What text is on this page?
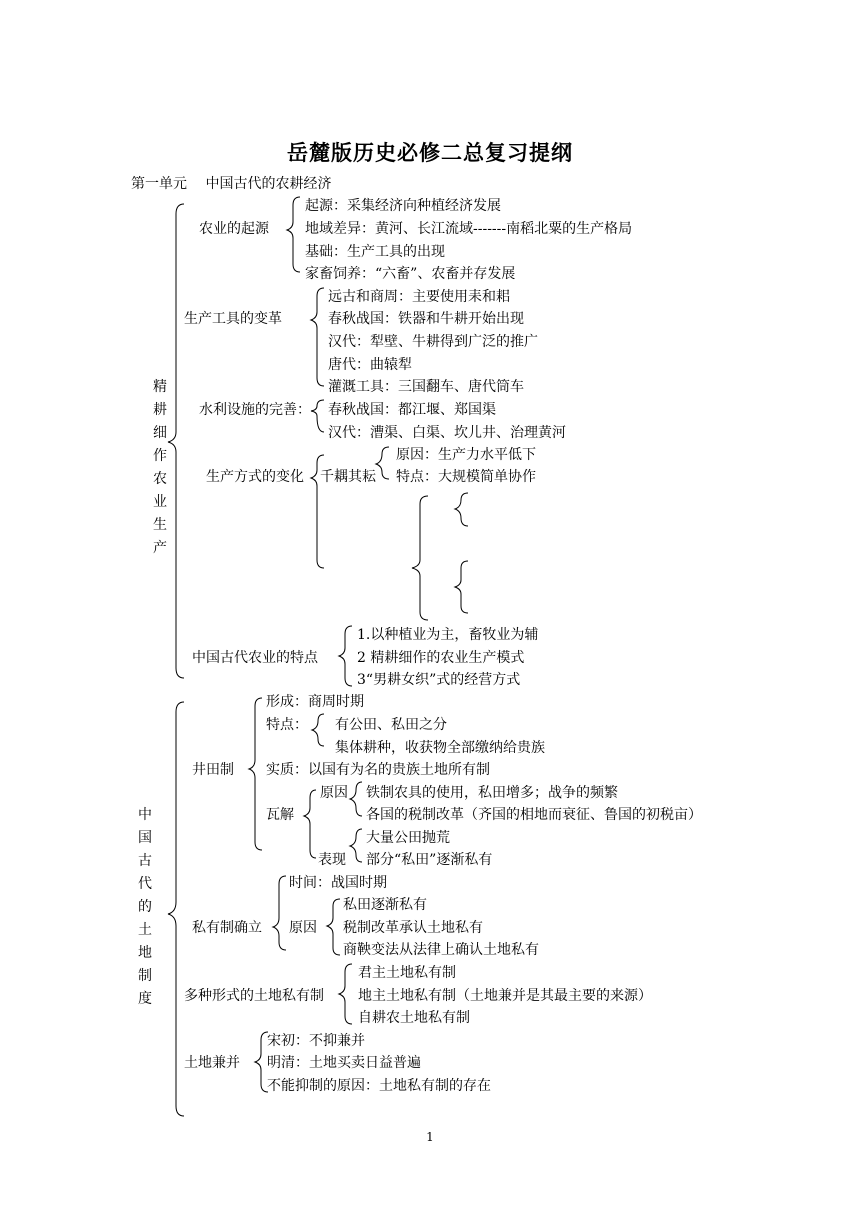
岳麓版历史必修二总复习提纲
第一单元　 中国古代的农耕经济
精耕细作农业生产
农业的起源
起源：采集经济向种植经济发展
地域差异：黄河、长江流域-------南稻北粟的生产格局
基础：生产工具的出现
家畜饲养：“六畜”、农畜并存发展
生产工具的变革
远古和商周：主要使用耒和耜
春秋战国：铁器和牛耕开始出现
汉代：犁壁、牛耕得到广泛的推广
唐代：曲辕犁
灌溉工具：三国翻车、唐代筒车
水利设施的完善： 春秋战国：都江堰、郑国渠
汉代：漕渠、白渠、坎儿井、治理黄河
生产方式的变化 千耦其耘
原因：生产力水平低下
特点：大规模简单协作
中国古代农业的特点
1.以种植业为主，畜牧业为辅
2 精耕细作的农业生产模式
3“男耕女织”式的经营方式
中国古代的土地制度
井田制
形成：商周时期
特点： 有公田、私田之分
集体耕种，收获物全部缴纳给贵族
实质：以国有为名的贵族土地所有制
瓦解
原因 铁制农具的使用，私田增多；战争的频繁
各国的税制改革（齐国的相地而衰征、鲁国的初税亩）
表现
大量公田抛荒
部分“私田”逐渐私有
私有制确立
时间：战国时期
原因
私田逐渐私有
税制改革承认土地私有
商鞅变法从法律上确认土地私有
多种形式的土地私有制
君主土地私有制
地主土地私有制（土地兼并是其最主要的来源）
自耕农土地私有制
土地兼并
宋初：不抑兼并
明清：土地买卖日益普遍
不能抑制的原因：土地私有制的存在
1
